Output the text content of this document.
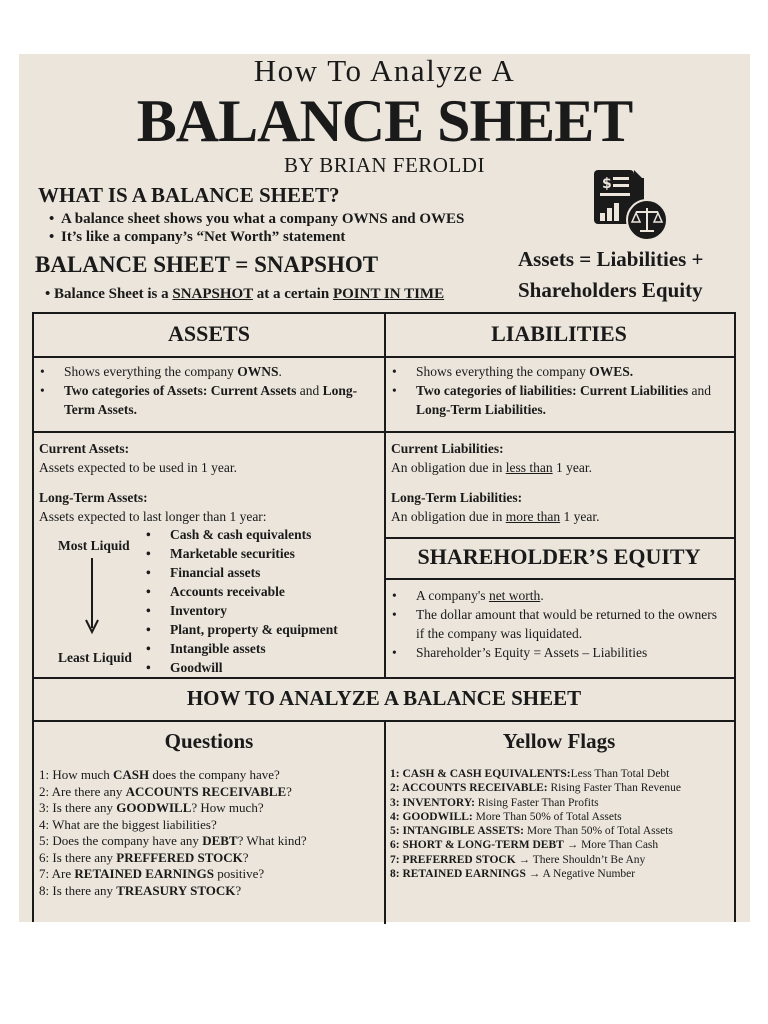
How To Analyze A
BALANCE SHEET
BY BRIAN FEROLDI
WHAT IS A BALANCE SHEET?
• A balance sheet shows you what a company OWNS and OWES
• It’s like a company’s “Net Worth” statement
BALANCE SHEET = SNAPSHOT
• Balance Sheet is a SNAPSHOT at a certain POINT IN TIME
$
Assets = Liabilities +
Shareholders Equity
ASSETS
• Shows everything the company OWNS.
• Two categories of Assets: Current Assets and Long-Term Assets.
Current Assets:
Assets expected to be used in 1 year.
Long-Term Assets:
Assets expected to last longer than 1 year:
Most Liquid
Least Liquid
• Cash & cash equivalents
• Marketable securities
• Financial assets
• Accounts receivable
• Inventory
• Plant, property & equipment
• Intangible assets
• Goodwill
LIABILITIES
• Shows everything the company OWES.
• Two categories of liabilities: Current Liabilities and Long-Term Liabilities.
Current Liabilities:
An obligation due in less than 1 year.
Long-Term Liabilities:
An obligation due in more than 1 year.
SHAREHOLDER’S EQUITY
• A company's net worth.
• The dollar amount that would be returned to the owners if the company was liquidated.
• Shareholder’s Equity = Assets – Liabilities
HOW TO ANALYZE A BALANCE SHEET
Questions
1: How much CASH does the company have?
2: Are there any ACCOUNTS RECEIVABLE?
3: Is there any GOODWILL? How much?
4: What are the biggest liabilities?
5: Does the company have any DEBT? What kind?
6: Is there any PREFFERED STOCK?
7: Are RETAINED EARNINGS positive?
8: Is there any TREASURY STOCK?
Yellow Flags
1: CASH & CASH EQUIVALENTS:Less Than Total Debt
2: ACCOUNTS RECEIVABLE: Rising Faster Than Revenue
3: INVENTORY: Rising Faster Than Profits
4: GOODWILL: More Than 50% of Total Assets
5: INTANGIBLE ASSETS: More Than 50% of Total Assets
6: SHORT & LONG-TERM DEBT → More Than Cash
7: PREFERRED STOCK → There Shouldn’t Be Any
8: RETAINED EARNINGS → A Negative Number
